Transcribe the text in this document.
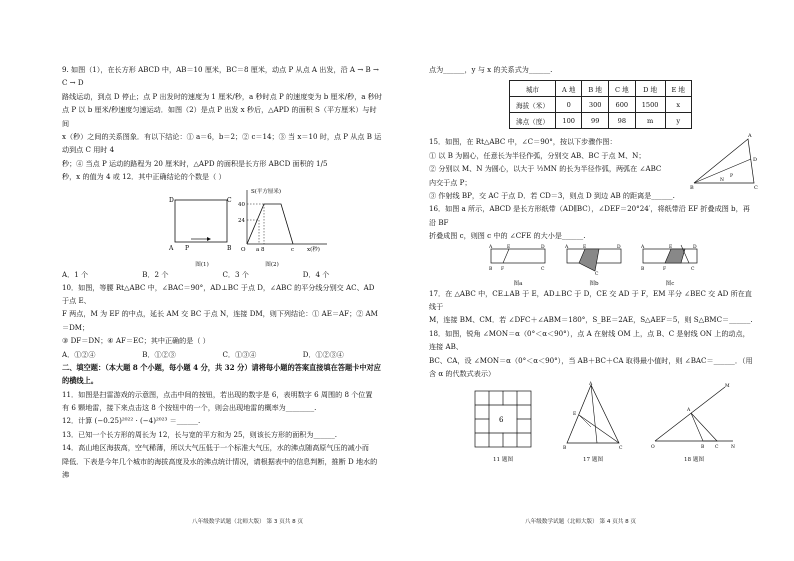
9. 如图（1），在长方形 ABCD 中，AB＝10 厘米，BC＝8 厘米，动点 P 从点 A 出发，沿 A → B → C → D

路线运动，到点 D 停止；点 P 出发时的速度为 1 厘米/秒，a 秒时点 P 的速度变为 b 厘米/秒，a 秒时

点 P 以 b 厘米/秒速度匀速运动．如图（2）是点 P 出发 x 秒后，△APD 的面积 S（平方厘米）与时间

x（秒）之间的关系图象．有以下结论：① a＝6，b＝2；② c＝14；③ 当 x＝10 时，点 P 从点 B 运动到点 C 用时 4

秒；④ 当点 P 运动的路程为 20 厘米时，△APD 的面积是长方形 ABCD 面积的 1/5

秒，x 的值为 4 或 12．其中正确结论的个数是（ ）

D	C
A	B
P
图(1)
S(平方厘米)
40
24
O a 8	c x(秒)
图(2)
A．1 个	B．2 个	C．3 个	D．4 个

10．如图，等腰 Rt△ABC 中，∠BAC＝90°，AD⊥BC 于点 D，∠ABC 的平分线分别交 AC、AD 于点 E、

F 两点，M 为 EF 的中点，延长 AM 交 BC 于点 N，连接 DM，则下列结论：① AE＝AF；② AM＝DM；

③ DF＝DN；④ AF＝EC；其中正确的是（ ）

A．①②④	B．①②③	C．①③④	D．①②③④

二、填空题：（本大题 8 个小题，每小题 4 分，共 32 分）请将每小题的答案直接填在答题卡中对应

的横线上。

11．如图是扫雷游戏的示意图，点击中间的按钮，若出现的数字是 6，表明数字 6 周围的 8 个位置

有 6 颗地雷，接下来点击这 8 个按钮中的一个，则会出现地雷的概率为________.

12．计算 (−0.25)²⁰²² · (−4)²⁰²³ ＝______.

13．已知一个长方形的周长为 12，长与宽的平方和为 25，则该长方形的面积为______.

14．高山地区海拔高，空气稀薄，所以大气压低于一个标准大气压，水的沸点随高原气压的减小而

降低．下表是今年几个城市的海拔高度及水的沸点统计情况，请根据表中的信息判断，推断 D 地水的沸

八年级数学试题（北师大版） 第 3 页共 8 页

点为______，y 与 x 的关系式为______.

城市	A 地	B 地	C 地	D 地	E 地
海拔（米）	0	300	600	1500	x
沸点（度）	100	99	98	m	y

15．如图，在 Rt△ABC 中，∠C＝90°，按以下步骤作图：

① 以 B 为圆心，任意长为半径作弧，分别交 AB、BC 于点 M、N；

② 分别以 M、N 为圆心，以大于 ½MN 的长为半径作弧，两弧在 ∠ABC

内交于点 P；

③ 作射线 BP，交 AC 于点 D．若 CD＝3，则点 D 到边 AB 的距离是______.

B
A
C
D
N
P

16．如图 a 所示，ABCD 是长方形纸带（AD∥BC），∠DEF＝20°24′，将纸带沿 EF 折叠成图 b，再沿 BF

折叠成图 c，则图 c 中的 ∠CFE 的大小是______.

A	E	D
B F	C
图a
A	E	D
C
图b
A	E	D
B	F	C
图c

17．在 △ABC 中，CE⊥AB 于 E，AD⊥BC 于 D，CE 交 AD 于 F，EM 平分 ∠BEC 交 AD 所在直线于

M，连接 BM、CM．若 ∠DFC＋∠ABM＝180°，S_BE＝2AE，S△AEF＝5，则 S△BMC＝______.

18．如图，锐角 ∠MON＝α（0°＜α＜90°），点 A 在射线 OM 上，点 B、C 是射线 ON 上的动点，连接 AB、

BC、CA，设 ∠MON＝α（0°＜α＜90°），当 AB＋BC＋CA 取得最小值时，则 ∠BAC＝______．（用

含 α 的代数式表示）

6
11 题图
A
B	C
E
17 题图
O
M
N
A
B C
18 题图
八年级数学试题（北师大版） 第 4 页共 8 页
